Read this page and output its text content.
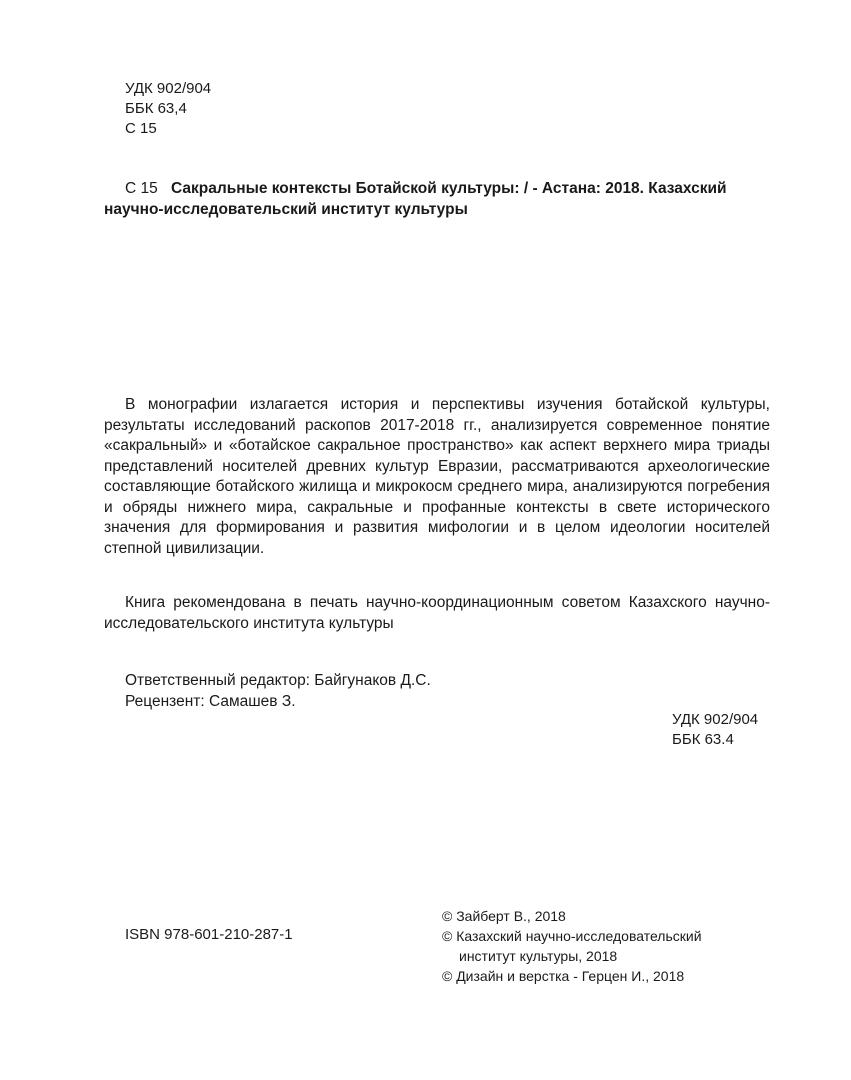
УДК 902/904
ББК 63,4
С 15
С 15 Сакральные контексты Ботайской культуры: / - Астана: 2018. Казахский
научно-исследовательский институт культуры
В монографии излагается история и перспективы изучения ботайской культуры, результаты исследований раскопов 2017-2018 гг., анализируется современное понятие «сакральный» и «ботайское сакральное пространство» как аспект верхнего мира триады представлений носителей древних культур Евразии, рассматриваются археологические составляющие ботайского жилища и микрокосм среднего мира, анализируются погребения и обряды нижнего мира, сакральные и профанные контексты в свете исторического значения для формирования и развития мифологии и в целом идеологии носителей степной цивилизации.
Книга рекомендована в печать научно-координационным советом Казахского научно-исследовательского института культуры
Ответственный редактор: Байгунаков Д.С.
Рецензент: Самашев З.
УДК 902/904
ББК 63.4
ISBN 978-601-210-287-1
© Зайберт В., 2018
© Казахский научно-исследовательский
институт культуры, 2018
© Дизайн и верстка - Герцен И., 2018
